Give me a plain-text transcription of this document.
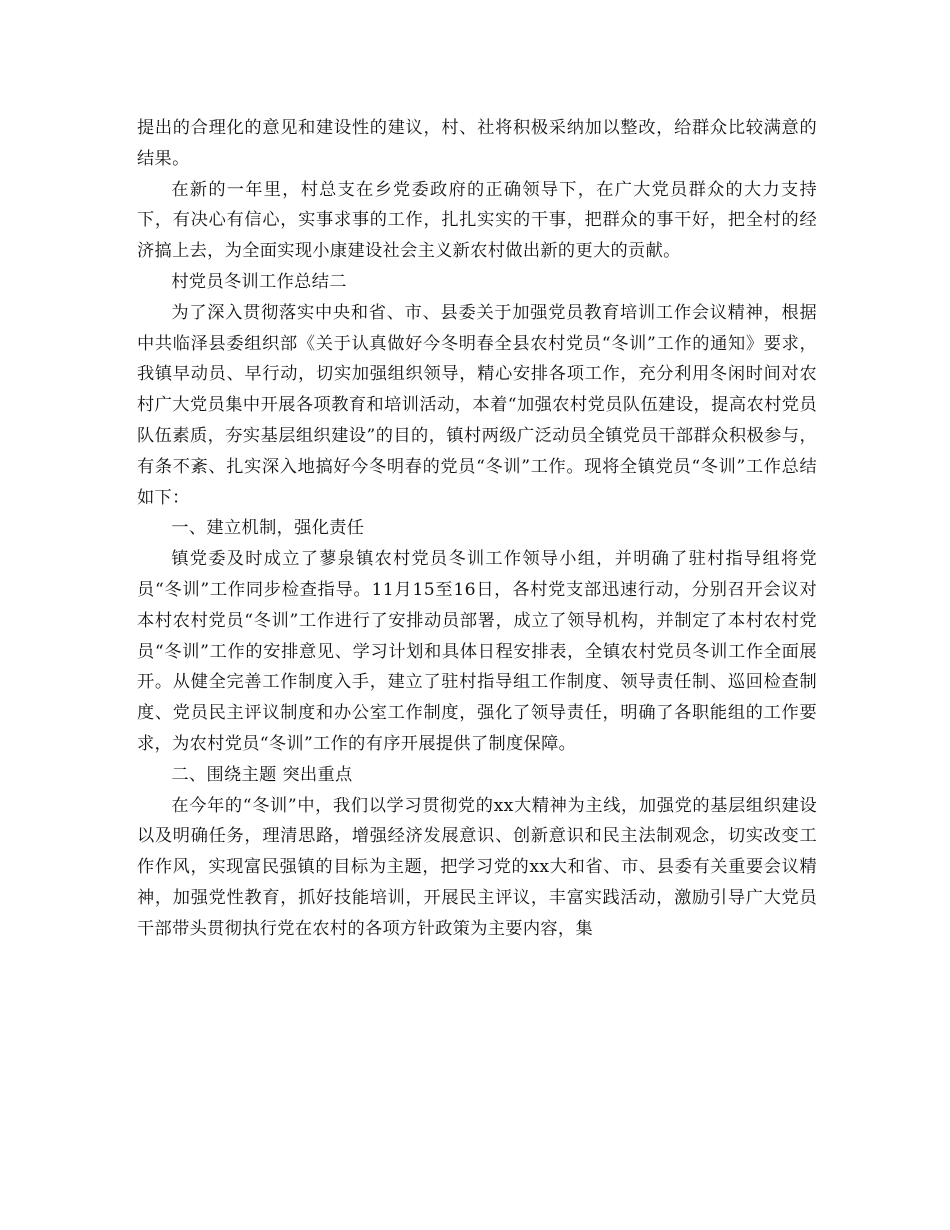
提出的合理化的意见和建设性的建议，村、社将积极采纳加以整改，给群众比较满意的结果。

在新的一年里，村总支在乡党委政府的正确领导下，在广大党员群众的大力支持下，有决心有信心，实事求事的工作，扎扎实实的干事，把群众的事干好，把全村的经济搞上去，为全面实现小康建设社会主义新农村做出新的更大的贡献。

村党员冬训工作总结二

为了深入贯彻落实中央和省、市、县委关于加强党员教育培训工作会议精神，根据中共临泽县委组织部《关于认真做好今冬明春全县农村党员“冬训”工作的通知》要求，我镇早动员、早行动，切实加强组织领导，精心安排各项工作，充分利用冬闲时间对农村广大党员集中开展各项教育和培训活动，本着“加强农村党员队伍建设，提高农村党员队伍素质，夯实基层组织建设”的目的，镇村两级广泛动员全镇党员干部群众积极参与，有条不紊、扎实深入地搞好今冬明春的党员“冬训”工作。现将全镇党员“冬训”工作总结如下：

一、建立机制，强化责任

镇党委及时成立了蓼泉镇农村党员冬训工作领导小组，并明确了驻村指导组将党员“冬训”工作同步检查指导。11月15至16日，各村党支部迅速行动，分别召开会议对本村农村党员“冬训”工作进行了安排动员部署，成立了领导机构，并制定了本村农村党员“冬训”工作的安排意见、学习计划和具体日程安排表，全镇农村党员冬训工作全面展开。从健全完善工作制度入手，建立了驻村指导组工作制度、领导责任制、巡回检查制度、党员民主评议制度和办公室工作制度，强化了领导责任，明确了各职能组的工作要求，为农村党员“冬训”工作的有序开展提供了制度保障。

二、围绕主题 突出重点

在今年的“冬训”中，我们以学习贯彻党的xx大精神为主线，加强党的基层组织建设以及明确任务，理清思路，增强经济发展意识、创新意识和民主法制观念，切实改变工作作风，实现富民强镇的目标为主题，把学习党的xx大和省、市、县委有关重要会议精神，加强党性教育，抓好技能培训，开展民主评议，丰富实践活动，激励引导广大党员干部带头贯彻执行党在农村的各项方针政策为主要内容，集
